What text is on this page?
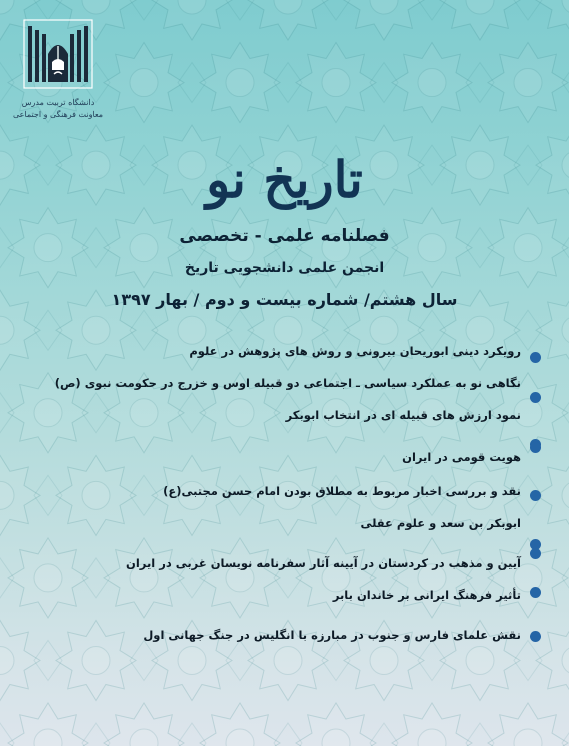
دانشگاه تربیت مدرس
معاونت فرهنگی و اجتماعی
تاریخ نو
فصلنامه علمی - تخصصی
انجمن علمی دانشجویی تاریخ
سال هشتم/ شماره بیست و دوم / بهار ۱۳۹۷
رویکرد دینی ابوریحان بیرونی و روش های پژوهش در علوم
نگاهی نو به عملکرد سیاسی ـ اجتماعی دو قبیله اوس و خزرج در حکومت نبوی (ص)
نمود ارزش های قبیله ای در انتخاب ابوبکر
هویت قومی در ایران
نقد و بررسی اخبار مربوط به مطلاق بودن امام حسن مجتبی(ع)
ابوبکر بن سعد و علوم عقلی
آیین و مذهب در کردستان در آیینه آثار سفرنامه نویسان غربی در ایران
تأثیر فرهنگ ایرانی بر خاندان بابر
نقش علمای فارس و جنوب در مبارزه با انگلیس در جنگ جهانی اول
